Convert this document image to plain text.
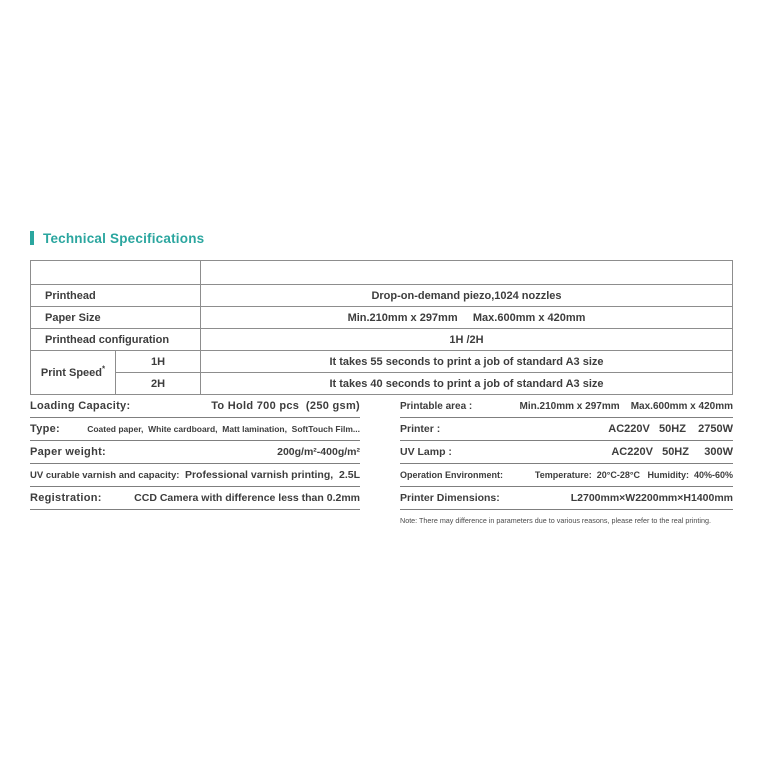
Technical Specifications

Printhead		Drop-on-demand piezo,1024 nozzles
Paper Size		Min.210mm x 297mm     Max.600mm x 420mm
Printhead configuration		1H /2H
Print Speed*	1H	It takes 55 seconds to print a job of standard A3 size
	2H	It takes 40 seconds to print a job of standard A3 size
Loading Capacity:	To Hold 700 pcs  (250 gsm)
Type:	Coated paper,  White cardboard,  Matt lamination,  SoftTouch Film...
Paper weight:	200g/m²-400g/m²
UV curable varnish and capacity: Professional varnish printing,  2.5L
Registration:	CCD Camera with difference less than 0.2mm
Printable area :	Min.210mm x 297mm    Max.600mm x 420mm
Printer :	AC220V   50HZ    2750W
UV Lamp :	AC220V   50HZ     300W
Operation Environment:	Temperature:  20°C-28°C   Humidity:  40%-60%
Printer Dimensions:	L2700mm×W2200mm×H1400mm
Note: There may difference in parameters due to various reasons, please refer to the real printing.
